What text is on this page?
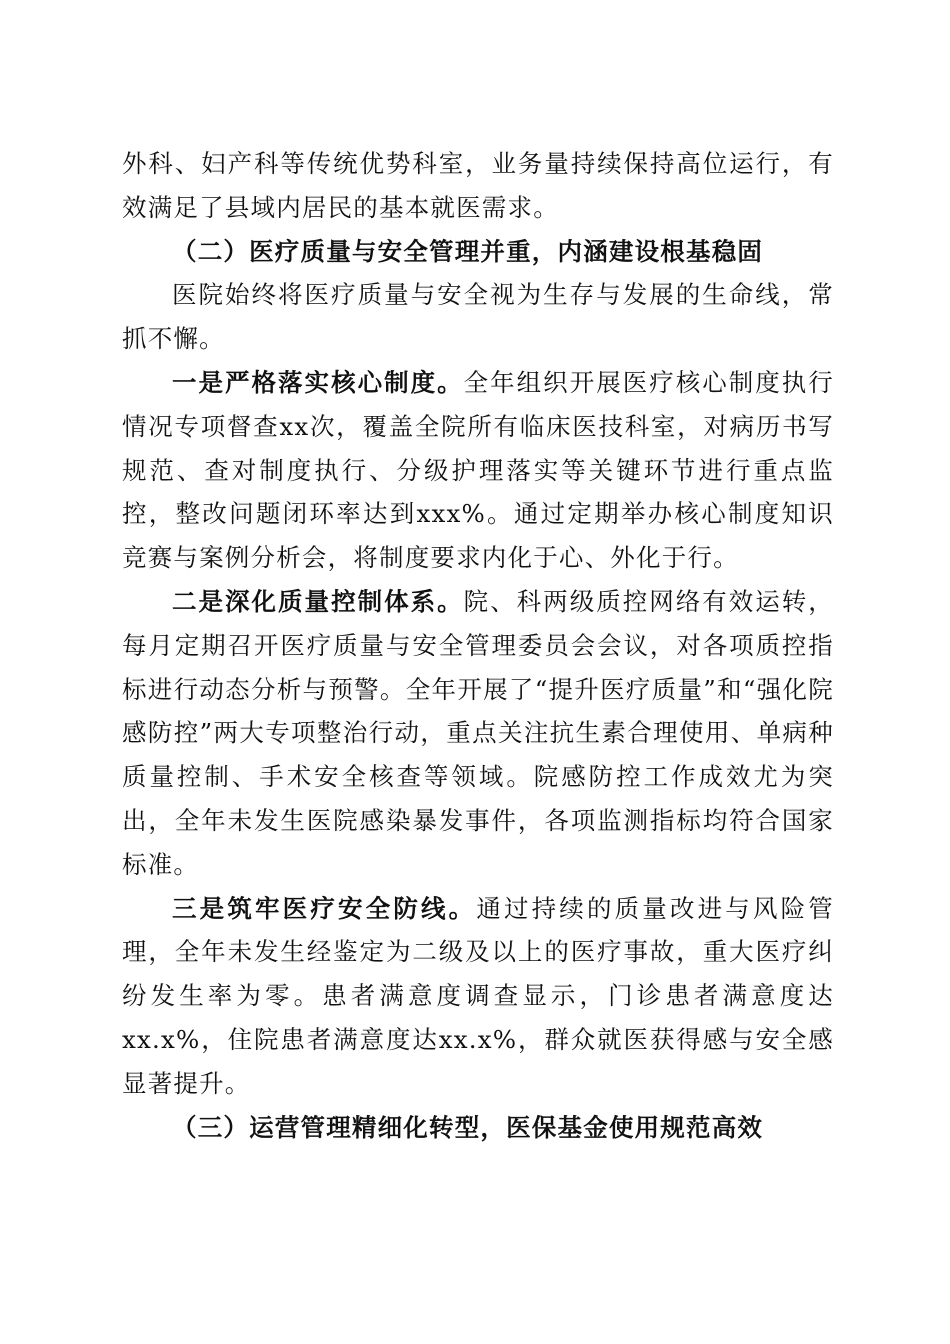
外科、妇产科等传统优势科室，业务量持续保持高位运行，有效满足了县域内居民的基本就医需求。

（二）医疗质量与安全管理并重，内涵建设根基稳固

医院始终将医疗质量与安全视为生存与发展的生命线，常抓不懈。

一是严格落实核心制度。全年组织开展医疗核心制度执行情况专项督查xx次，覆盖全院所有临床医技科室，对病历书写规范、查对制度执行、分级护理落实等关键环节进行重点监控，整改问题闭环率达到xxx%。通过定期举办核心制度知识竞赛与案例分析会，将制度要求内化于心、外化于行。

二是深化质量控制体系。院、科两级质控网络有效运转，每月定期召开医疗质量与安全管理委员会会议，对各项质控指标进行动态分析与预警。全年开展了“提升医疗质量”和“强化院感防控”两大专项整治行动，重点关注抗生素合理使用、单病种质量控制、手术安全核查等领域。院感防控工作成效尤为突出，全年未发生医院感染暴发事件，各项监测指标均符合国家标准。

三是筑牢医疗安全防线。通过持续的质量改进与风险管理，全年未发生经鉴定为二级及以上的医疗事故，重大医疗纠纷发生率为零。患者满意度调查显示，门诊患者满意度达xx.x%，住院患者满意度达xx.x%，群众就医获得感与安全感显著提升。

（三）运营管理精细化转型，医保基金使用规范高效
